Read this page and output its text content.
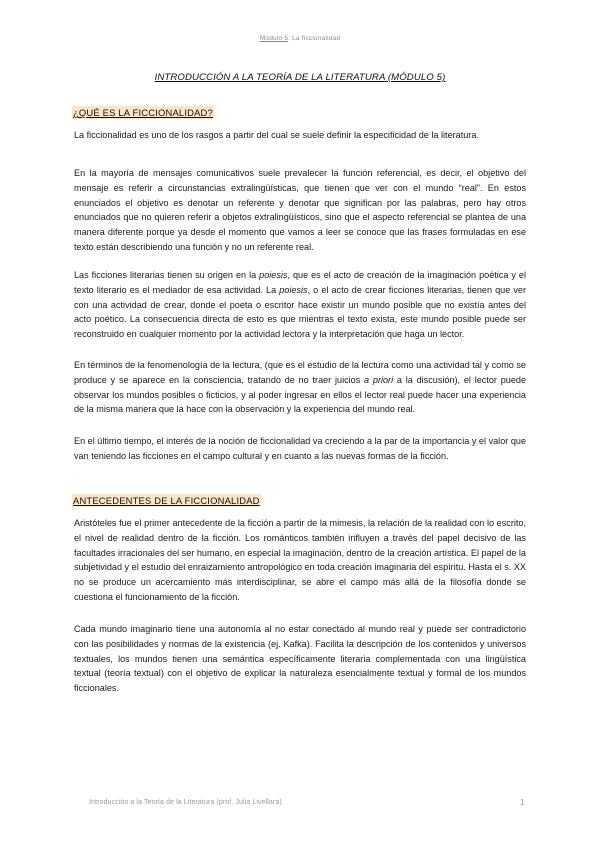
Módulo 5: La ficcionalidad
INTRODUCCIÓN A LA TEORÍA DE LA LITERATURA (MÓDULO 5)
¿QUÉ ES LA FICCIONALIDAD?

La ficcionalidad es uno de los rasgos a partir del cual se suele definir la especificidad de la literatura.

En la mayoría de mensajes comunicativos suele prevalecer la función referencial, es decir, el objetivo del mensaje es referir a circunstancias extralingüísticas, que tienen que ver con el mundo “real”. En estos enunciados el objetivo es denotar un referente y denotar que significan por las palabras, pero hay otros enunciados que no quieren referir a objetos extralingüísticos, sino que el aspecto referencial se plantea de una manera diferente porque ya desde el momento que vamos a leer se conoce que las frases formuladas en ese texto están describiendo una función y no un referente real.

Las ficciones literarias tienen su origen en la poiesis, que es el acto de creación de la imaginación poética y el texto literario es el mediador de esa actividad. La poiesis, o el acto de crear ficciones literarias, tienen que ver con una actividad de crear, donde el poeta o escritor hace existir un mundo posible que no existía antes del acto poético. La consecuencia directa de esto es que mientras el texto exista, este mundo posible puede ser reconstruido en cualquier momento por la actividad lectora y la interpretación que haga un lector.

En términos de la fenomenología de la lectura, (que es el estudio de la lectura como una actividad tal y como se produce y se aparece en la consciencia, tratando de no traer juicios a priori a la discusión), el lector puede observar los mundos posibles o ficticios, y al poder ingresar en ellos el lector real puede hacer una experiencia de la misma manera que la hace con la observación y la experiencia del mundo real.

En el último tiempo, el interés de la noción de ficcionalidad va creciendo a la par de la importancia y el valor que van teniendo las ficciones en el campo cultural y en cuanto a las nuevas formas de la ficción.

ANTECEDENTES DE LA FICCIONALIDAD

Aristóteles fue el primer antecedente de la ficción a partir de la mimesis, la relación de la realidad con lo escrito, el nivel de realidad dentro de la ficción. Los románticos también influyen a través del papel decisivo de las facultades irracionales del ser humano, en especial la imaginación, dentro de la creación artística. El papel de la subjetividad y el estudio del enraizamiento antropológico en toda creación imaginaria del espíritu. Hasta el s. XX no se produce un acercamiento más interdisciplinar, se abre el campo más allá de la filosofía donde se cuestiona el funcionamiento de la ficción.

Cada mundo imaginario tiene una autonomía al no estar conectado al mundo real y puede ser contradictorio con las posibilidades y normas de la existencia (ej. Kafka). Facilita la descripción de los contenidos y universos textuales, los mundos tienen una semántica específicamente literaria complementada con una lingüística textual (teoría textual) con el objetivo de explicar la naturaleza esencialmente textual y formal de los mundos ficcionales.

Introducción a la Teoría de la Literatura (prof. Julia Livellara)	1
